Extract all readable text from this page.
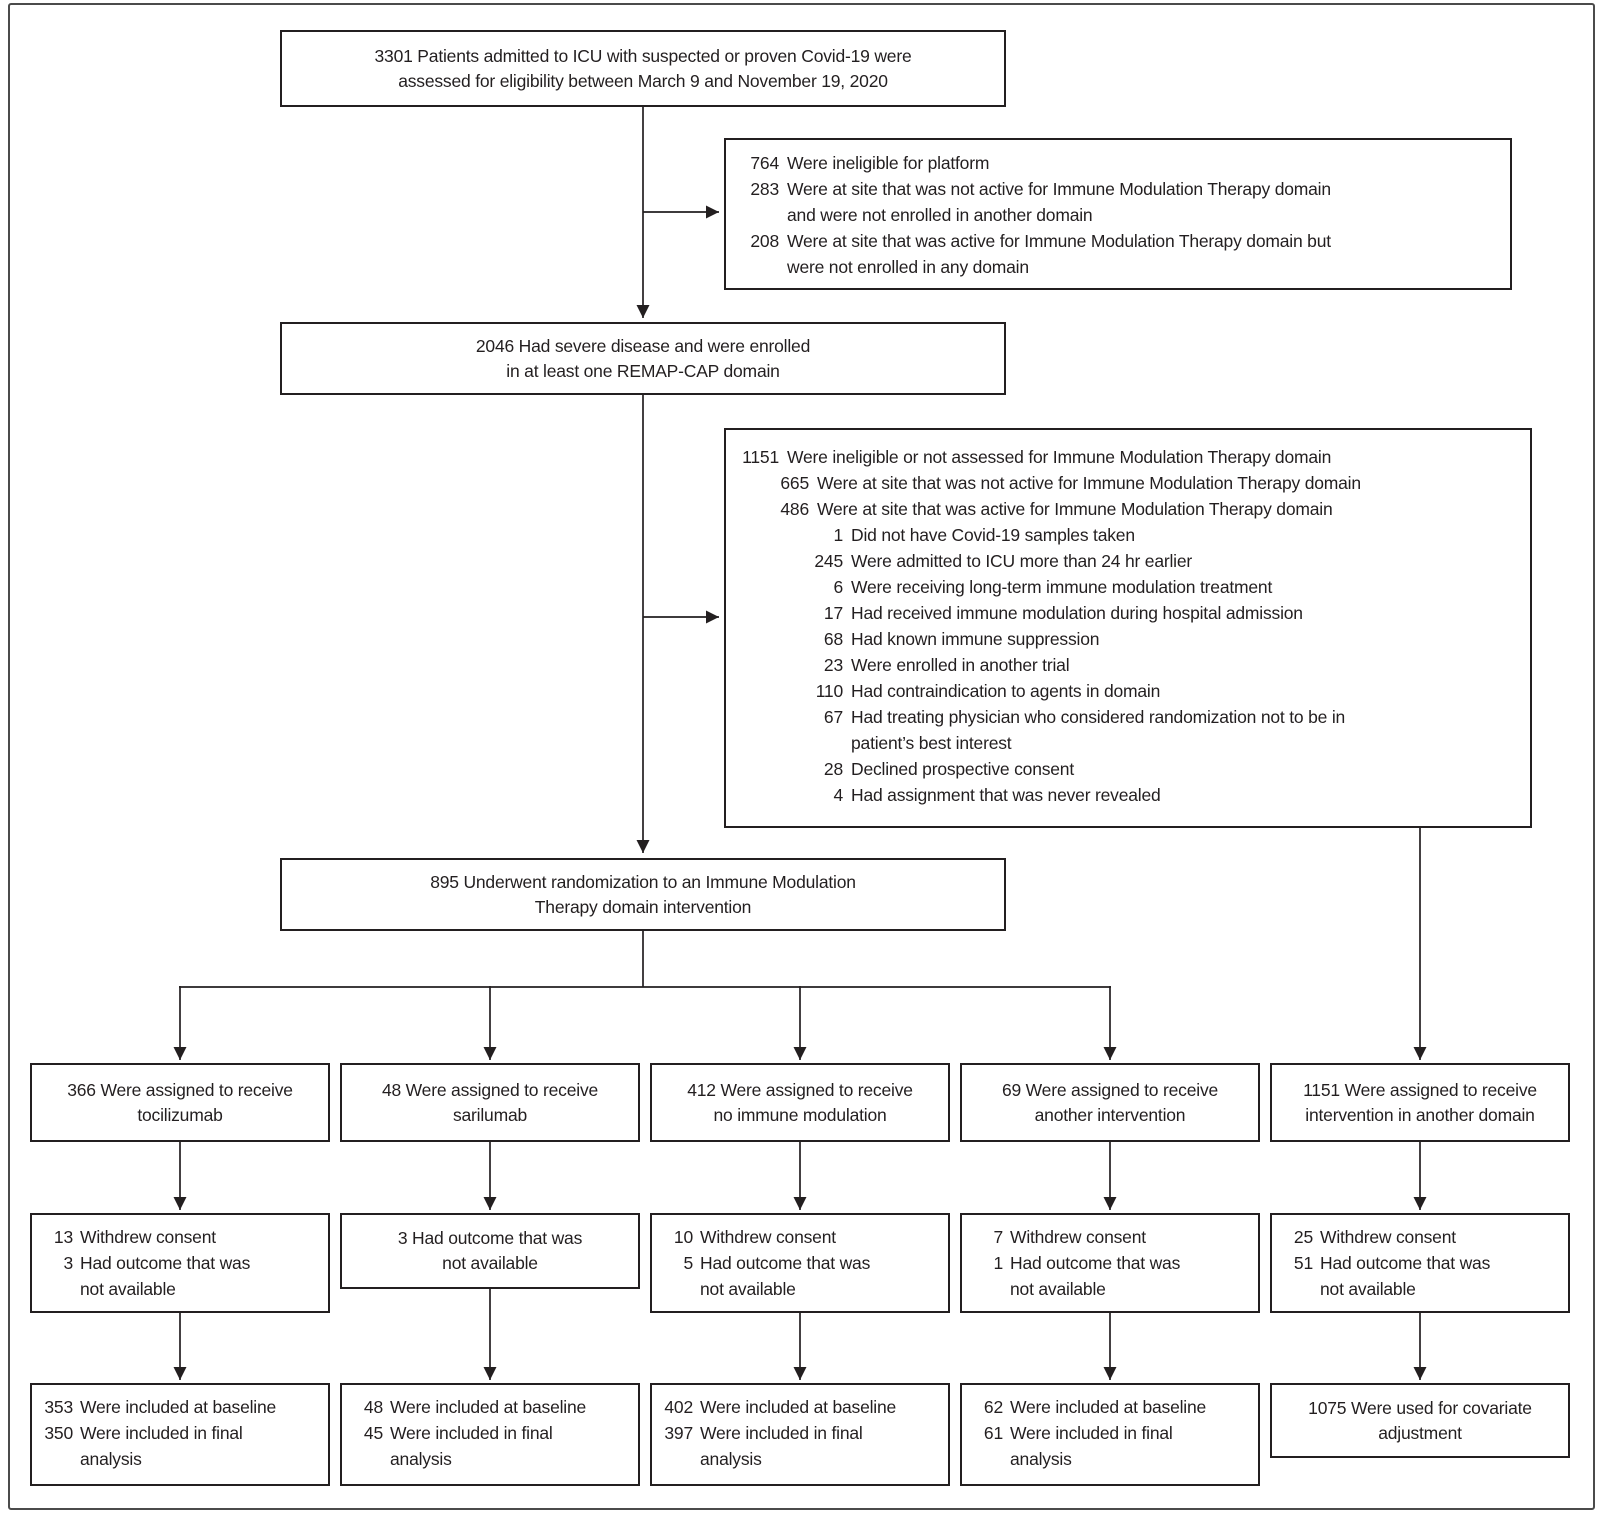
3301 Patients admitted to ICU with suspected or proven Covid-19 were
assessed for eligibility between March 9 and November 19, 2020
764 Were ineligible for platform
283 Were at site that was not active for Immune Modulation Therapy domain
and were not enrolled in another domain
208 Were at site that was active for Immune Modulation Therapy domain but
were not enrolled in any domain
2046 Had severe disease and were enrolled
in at least one REMAP-CAP domain
1151 Were ineligible or not assessed for Immune Modulation Therapy domain
665 Were at site that was not active for Immune Modulation Therapy domain
486 Were at site that was active for Immune Modulation Therapy domain
1 Did not have Covid-19 samples taken
245 Were admitted to ICU more than 24 hr earlier
6 Were receiving long-term immune modulation treatment
17 Had received immune modulation during hospital admission
68 Had known immune suppression
23 Were enrolled in another trial
110 Had contraindication to agents in domain
67 Had treating physician who considered randomization not to be in
patient’s best interest
28 Declined prospective consent
4 Had assignment that was never revealed
895 Underwent randomization to an Immune Modulation
Therapy domain intervention
366 Were assigned to receive
tocilizumab
48 Were assigned to receive
sarilumab
412 Were assigned to receive
no immune modulation
69 Were assigned to receive
another intervention
1151 Were assigned to receive
intervention in another domain
13 Withdrew consent
3 Had outcome that was
not available
3 Had outcome that was
not available
10 Withdrew consent
5 Had outcome that was
not available
7 Withdrew consent
1 Had outcome that was
not available
25 Withdrew consent
51 Had outcome that was
not available
353 Were included at baseline
350 Were included in final
analysis
48 Were included at baseline
45 Were included in final
analysis
402 Were included at baseline
397 Were included in final
analysis
62 Were included at baseline
61 Were included in final
analysis
1075 Were used for covariate
adjustment
